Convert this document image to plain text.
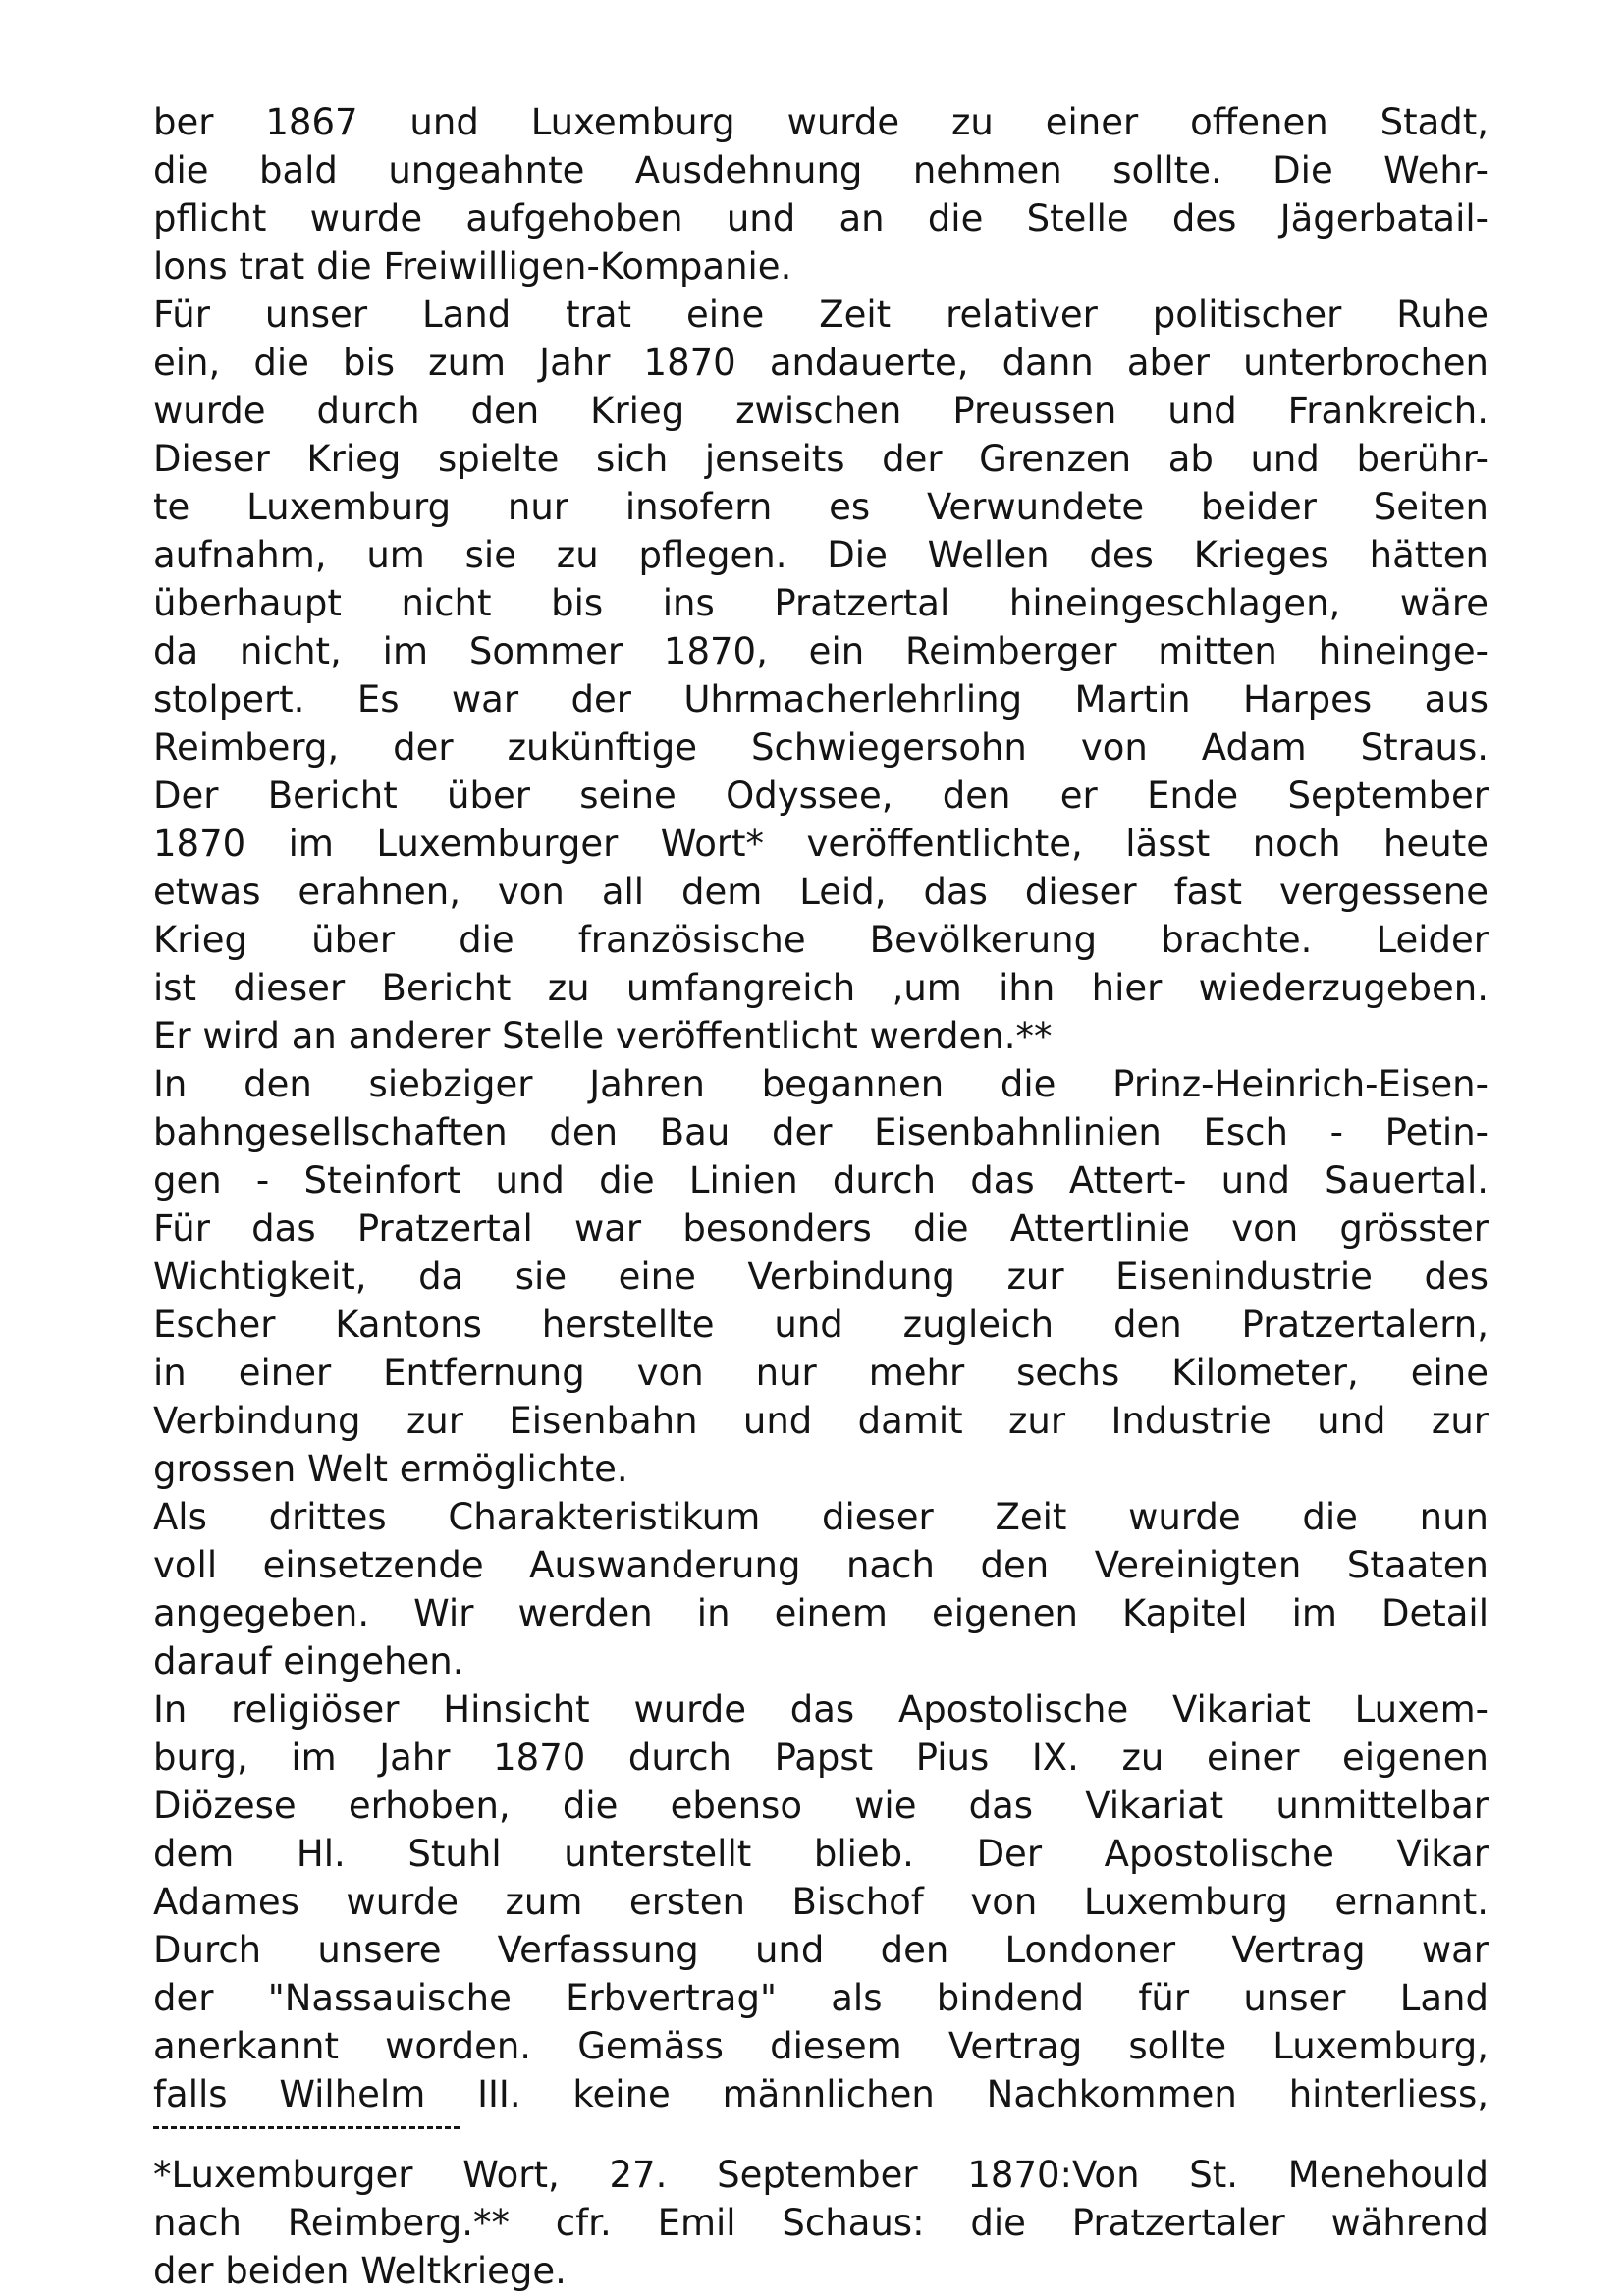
ber 1867 und Luxemburg wurde zu einer offenen Stadt,
die bald ungeahnte Ausdehnung nehmen sollte. Die Wehr-
pflicht wurde aufgehoben und an die Stelle des Jägerbatail-
lons trat die Freiwilligen-Kompanie.
Für unser Land trat eine Zeit relativer politischer Ruhe
ein, die bis zum Jahr 1870 andauerte, dann aber unterbrochen
wurde durch den Krieg zwischen Preussen und Frankreich.
Dieser Krieg spielte sich jenseits der Grenzen ab und berühr-
te Luxemburg nur insofern es Verwundete beider Seiten
aufnahm, um sie zu pflegen. Die Wellen des Krieges hätten
überhaupt nicht bis ins Pratzertal hineingeschlagen, wäre
da nicht, im Sommer 1870, ein Reimberger mitten hineinge-
stolpert. Es war der Uhrmacherlehrling Martin Harpes aus
Reimberg, der zukünftige Schwiegersohn von Adam Straus.
Der Bericht über seine Odyssee, den er Ende September
1870 im Luxemburger Wort* veröffentlichte, lässt noch heute
etwas erahnen, von all dem Leid, das dieser fast vergessene
Krieg über die französische Bevölkerung brachte. Leider
ist dieser Bericht zu umfangreich ,um ihn hier wiederzugeben.
Er wird an anderer Stelle veröffentlicht werden.**
In den siebziger Jahren begannen die Prinz-Heinrich-Eisen-
bahngesellschaften den Bau der Eisenbahnlinien Esch - Petin-
gen - Steinfort und die Linien durch das Attert- und Sauertal.
Für das Pratzertal war besonders die Attertlinie von grösster
Wichtigkeit, da sie eine Verbindung zur Eisenindustrie des
Escher Kantons herstellte und zugleich den Pratzertalern,
in einer Entfernung von nur mehr sechs Kilometer, eine
Verbindung zur Eisenbahn und damit zur Industrie und zur
grossen Welt ermöglichte.
Als drittes Charakteristikum dieser Zeit wurde die nun
voll einsetzende Auswanderung nach den Vereinigten Staaten
angegeben. Wir werden in einem eigenen Kapitel im Detail
darauf eingehen.
In religiöser Hinsicht wurde das Apostolische Vikariat Luxem-
burg, im Jahr 1870 durch Papst Pius IX. zu einer eigenen
Diözese erhoben, die ebenso wie das Vikariat unmittelbar
dem Hl. Stuhl unterstellt blieb. Der Apostolische Vikar
Adames wurde zum ersten Bischof von Luxemburg ernannt.
Durch unsere Verfassung und den Londoner Vertrag war
der "Nassauische Erbvertrag" als bindend für unser Land
anerkannt worden. Gemäss diesem Vertrag sollte Luxemburg,
falls Wilhelm III. keine männlichen Nachkommen hinterliess,
*Luxemburger Wort, 27. September 1870:Von St. Menehould
nach Reimberg.** cfr. Emil Schaus: die Pratzertaler während
der beiden Weltkriege.
